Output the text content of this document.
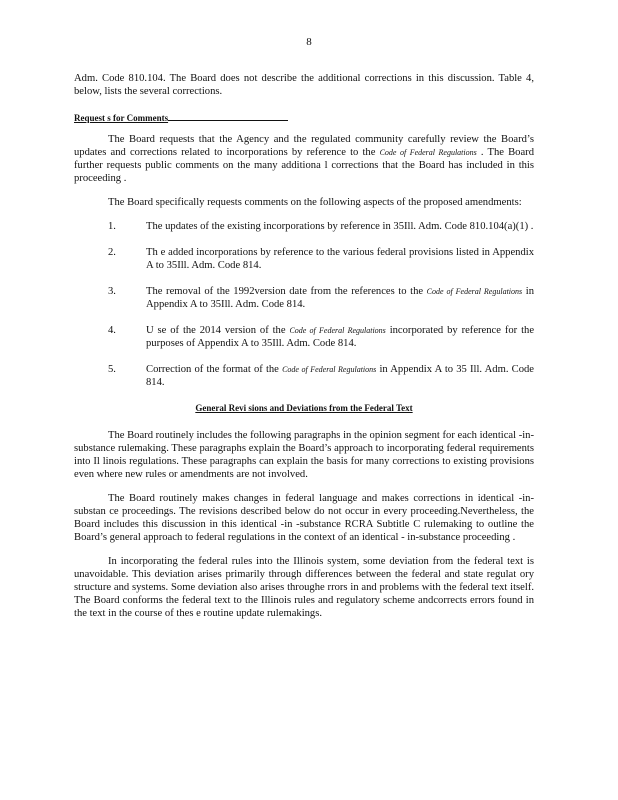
8

Adm. Code 810.104. The Board does not describe the additional corrections in this discussion. Table 4, below, lists the several corrections.

Request s for Comments

The Board requests that the Agency and the regulated community carefully review the Board’s updates and corrections related to incorporations by reference to the Code of Federal Regulations . The Board further requests public comments on the many additiona l corrections that the Board has included in this proceeding .

The Board specifically requests comments on the following aspects of the proposed amendments:

1.	The updates of the existing incorporations by reference in 35Ill. Adm. Code 810.104(a)(1) .
2.	Th e added incorporations by reference to the various federal provisions listed in Appendix A to 35Ill. Adm. Code 814.
3.	The removal of the 1992version date from the references to the Code of Federal Regulations in Appendix A to 35Ill. Adm. Code 814.
4.	U se of the 2014 version of the Code of Federal Regulations incorporated by reference for the purposes of Appendix A to 35Ill. Adm. Code 814.
5.	Correction of the format of the Code of Federal Regulations in Appendix A to 35 Ill. Adm. Code 814.

General Revi sions and Deviations from the Federal Text

The Board routinely includes the following paragraphs in the opinion segment for each identical -in-substance rulemaking. These paragraphs explain the Board’s approach to incorporating federal requirements into Il linois regulations. These paragraphs can explain the basis for many corrections to existing provisions even where new rules or amendments are not involved.

The Board routinely makes changes in federal language and makes corrections in identical -in-substan ce proceedings. The revisions described below do not occur in every proceeding.Nevertheless, the Board includes this discussion in this identical -in -substance RCRA Subtitle C rulemaking to outline the Board’s general approach to federal regulations in the context of an identical - in-substance proceeding .

In incorporating the federal rules into the Illinois system, some deviation from the federal text is unavoidable. This deviation arises primarily through differences between the federal and state regulat ory structure and systems. Some deviation also arises throughe rrors in and problems with the federal text itself. The Board conforms the federal text to the Illinois rules and regulatory scheme andcorrects errors found in the text in the course of thes e routine update rulemakings.
